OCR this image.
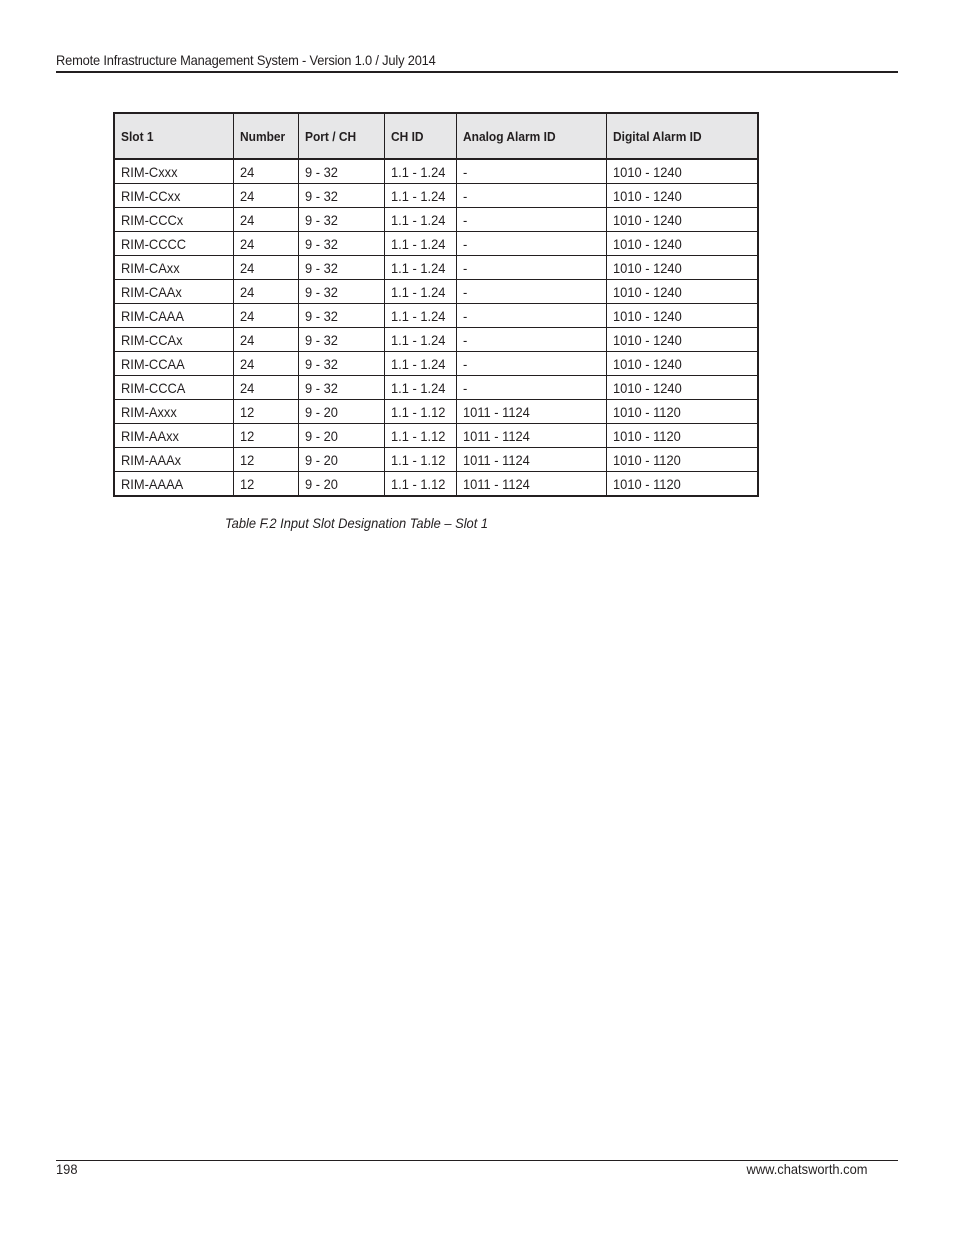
Remote Infrastructure Management System - Version 1.0 / July 2014
Slot 1	Number	Port / CH	CH ID	Analog Alarm ID	Digital Alarm ID
RIM-Cxxx	24	9 - 32	1.1 - 1.24	-	1010 - 1240
RIM-CCxx	24	9 - 32	1.1 - 1.24	-	1010 - 1240
RIM-CCCx	24	9 - 32	1.1 - 1.24	-	1010 - 1240
RIM-CCCC	24	9 - 32	1.1 - 1.24	-	1010 - 1240
RIM-CAxx	24	9 - 32	1.1 - 1.24	-	1010 - 1240
RIM-CAAx	24	9 - 32	1.1 - 1.24	-	1010 - 1240
RIM-CAAA	24	9 - 32	1.1 - 1.24	-	1010 - 1240
RIM-CCAx	24	9 - 32	1.1 - 1.24	-	1010 - 1240
RIM-CCAA	24	9 - 32	1.1 - 1.24	-	1010 - 1240
RIM-CCCA	24	9 - 32	1.1 - 1.24	-	1010 - 1240
RIM-Axxx	12	9 - 20	1.1 - 1.12	1011 - 1124	1010 - 1120
RIM-AAxx	12	9 - 20	1.1 - 1.12	1011 - 1124	1010 - 1120
RIM-AAAx	12	9 - 20	1.1 - 1.12	1011 - 1124	1010 - 1120
RIM-AAAA	12	9 - 20	1.1 - 1.12	1011 - 1124	1010 - 1120
Table F.2 Input Slot Designation Table – Slot 1
198	www.chatsworth.com
